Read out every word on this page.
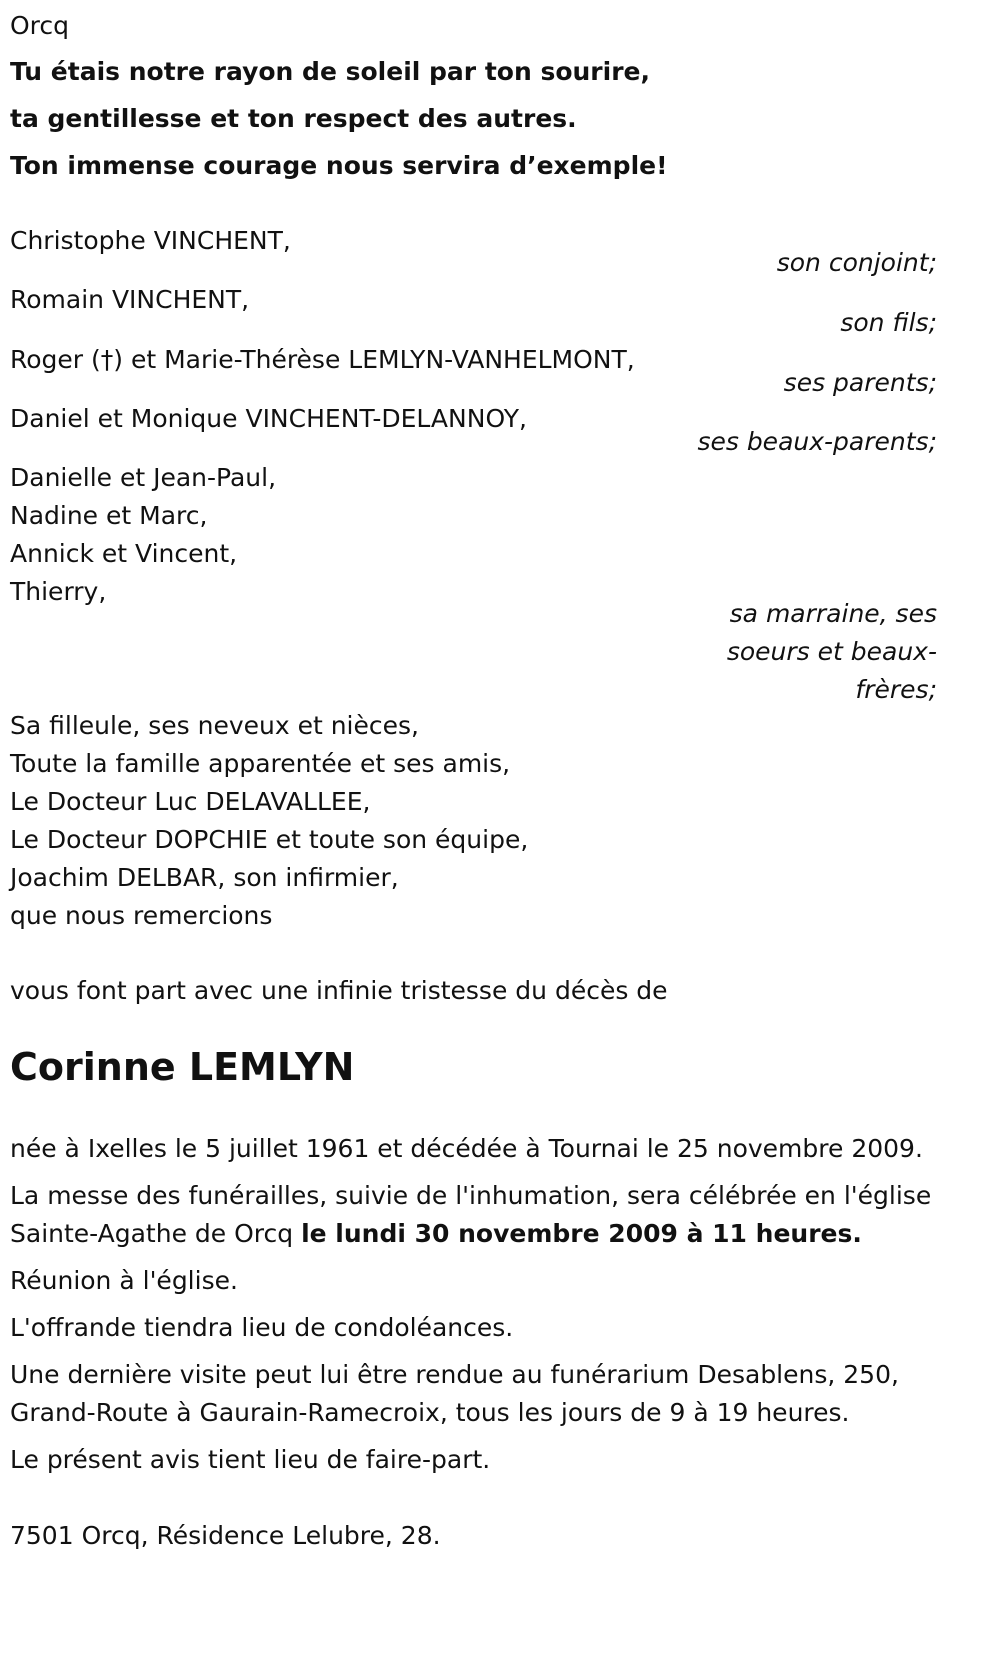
Orcq
Tu étais notre rayon de soleil par ton sourire,
ta gentillesse et ton respect des autres.
Ton immense courage nous servira d’exemple!
Christophe VINCHENT,
son conjoint;
Romain VINCHENT,
son fils;
Roger (†) et Marie-Thérèse LEMLYN-VANHELMONT,
ses parents;
Daniel et Monique VINCHENT-DELANNOY,
ses beaux-parents;
Danielle et Jean-Paul,
Nadine et Marc,
Annick et Vincent,
Thierry,
sa marraine, ses
soeurs et beaux-
frères;
Sa filleule, ses neveux et nièces,
Toute la famille apparentée et ses amis,
Le Docteur Luc DELAVALLEE,
Le Docteur DOPCHIE et toute son équipe,
Joachim DELBAR, son infirmier,
que nous remercions
vous font part avec une infinie tristesse du décès de
Corinne LEMLYN
née à Ixelles le 5 juillet 1961 et décédée à Tournai le 25 novembre 2009.
La messe des funérailles, suivie de l'inhumation, sera célébrée en l'église
Sainte-Agathe de Orcq le lundi 30 novembre 2009 à 11 heures.
Réunion à l'église.
L'offrande tiendra lieu de condoléances.
Une dernière visite peut lui être rendue au funérarium Desablens, 250,
Grand-Route à Gaurain-Ramecroix, tous les jours de 9 à 19 heures.
Le présent avis tient lieu de faire-part.
7501 Orcq, Résidence Lelubre, 28.
